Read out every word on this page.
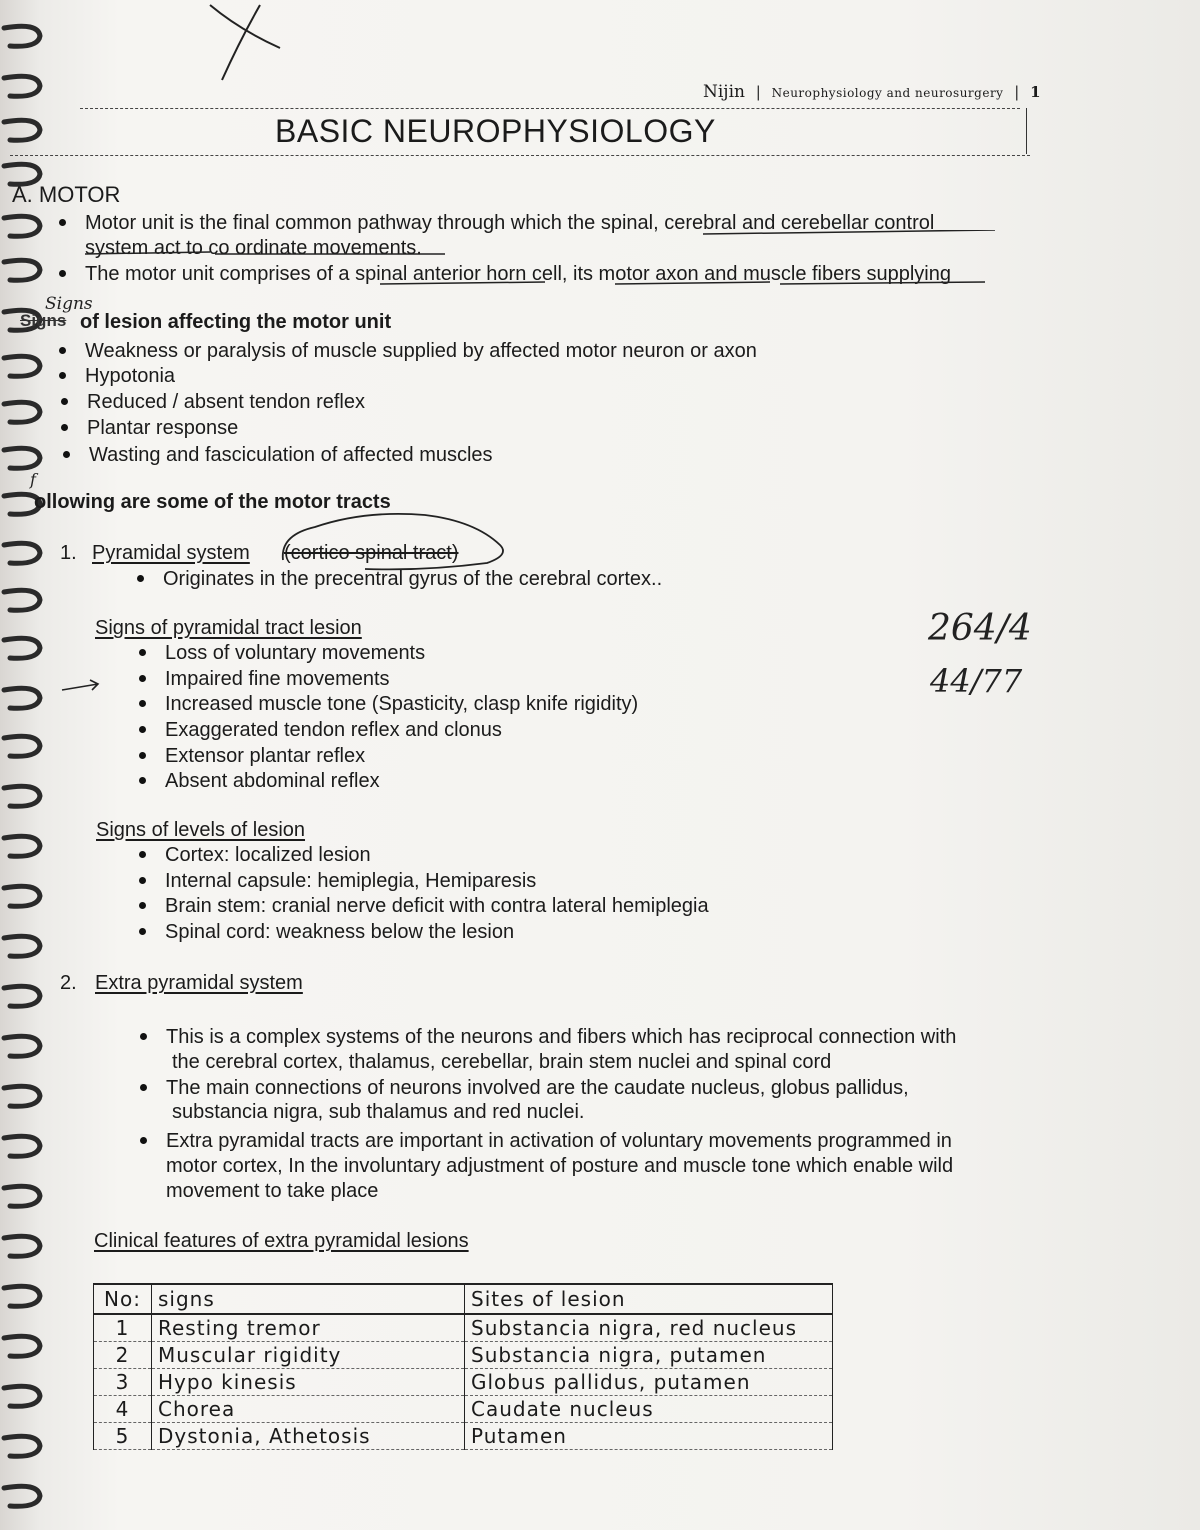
Nijin | Neurophysiology and neurosurgery | 1
BASIC NEUROPHYSIOLOGY
A. MOTOR
Motor unit is the final common pathway through which the spinal, cerebral and cerebellar control
system act to co ordinate movements.
The motor unit comprises of a spinal anterior horn cell, its motor axon and muscle fibers supplying
Signs
Signs of lesion affecting the motor unit
Weakness or paralysis of muscle supplied by affected motor neuron or axon
Hypotonia
Reduced / absent tendon reflex
Plantar response
Wasting and fasciculation of affected muscles
f
ollowing are some of the motor tracts
1. Pyramidal system (cortico spinal tract)
Originates in the precentral gyrus of the cerebral cortex..
Signs of pyramidal tract lesion
Loss of voluntary movements
Impaired fine movements
Increased muscle tone (Spasticity, clasp knife rigidity)
Exaggerated tendon reflex and clonus
Extensor plantar reflex
Absent abdominal reflex
264/4
44/77
Signs of levels of lesion
Cortex: localized lesion
Internal capsule: hemiplegia, Hemiparesis
Brain stem: cranial nerve deficit with contra lateral hemiplegia
Spinal cord: weakness below the lesion
2. Extra pyramidal system
This is a complex systems of the neurons and fibers which has reciprocal connection with
the cerebral cortex, thalamus, cerebellar, brain stem nuclei and spinal cord
The main connections of neurons involved are the caudate nucleus, globus pallidus,
substancia nigra, sub thalamus and red nuclei.
Extra pyramidal tracts are important in activation of voluntary movements programmed in
motor cortex, In the involuntary adjustment of posture and muscle tone which enable wild
movement to take place
Clinical features of extra pyramidal lesions
No:	signs	Sites of lesion
1	Resting tremor	Substancia nigra, red nucleus
2	Muscular rigidity	Substancia nigra, putamen
3	Hypo kinesis	Globus pallidus, putamen
4	Chorea	Caudate nucleus
5	Dystonia, Athetosis	Putamen
